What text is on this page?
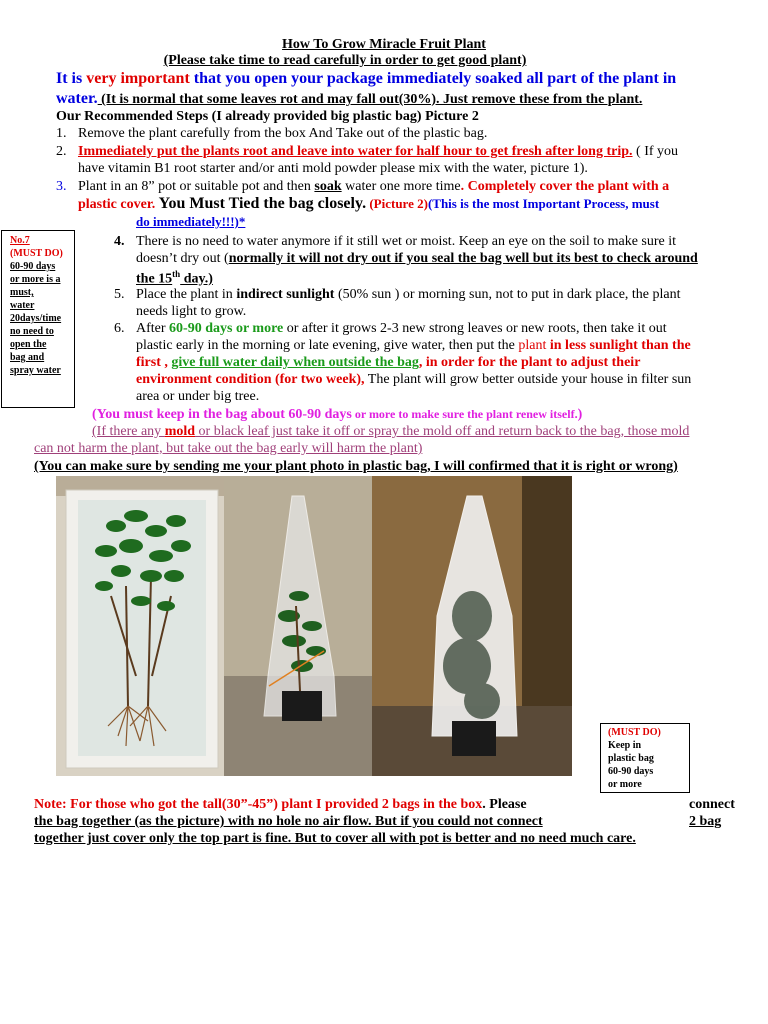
How To Grow Miracle Fruit Plant
(Please take time to read carefully in order to get good plant)
It is very important that you open your package immediately soaked all part of the plant in
water. (It is normal that some leaves rot and may fall out(30%). Just remove these from the plant.
Our Recommended Steps (I already provided big plastic bag) Picture 2
1. Remove the plant carefully from the box And Take out of the plastic bag.
2. Immediately put the plants root and leave into water for half hour to get fresh after long trip. ( If you
have vitamin B1 root starter and/or anti mold powder please mix with the water, picture 1).
3. Plant in an 8” pot or suitable pot and then soak water one more time. Completely cover the plant with a
plastic cover. You Must Tied the bag closely. (Picture 2)(This is the most Important Process, must
do immediately!!!)*
No.7
(MUST DO)
60-90 days
or more is a
must,
water
20days/time
no need to
open the
bag and
spray water
4. There is no need to water anymore if it still wet or moist. Keep an eye on the soil to make sure it
doesn’t dry out (normally it will not dry out if you seal the bag well but its best to check around
the 15th day.)
5. Place the plant in indirect sunlight (50% sun ) or morning sun, not to put in dark place, the plant
needs light to grow.
6. After 60-90 days or more or after it grows 2-3 new strong leaves or new roots, then take it out
plastic early in the morning or late evening, give water, then put the plant in less sunlight than the
first , give full water daily when outside the bag, in order for the plant to adjust their
environment condition (for two week), The plant will grow better outside your house in filter sun
area or under big tree.
(You must keep in the bag about 60-90 days or more to make sure the plant renew itself.)
(If there any mold or black leaf just take it off or spray the mold off and return back to the bag, those mold
can not harm the plant, but take out the bag early will harm the plant)
(You can make sure by sending me your plant photo in plastic bag, I will confirmed that it is right or wrong)
(MUST DO)
Keep in
plastic bag
60-90 days
or more
Note: For those who got the tall(30”-45”) plant I provided 2 bags in the box. Please	connect
the bag together (as the picture) with no hole no air flow. But if you could not connect	2 bag
together just cover only the top part is fine. But to cover all with pot is better and no need much care.
